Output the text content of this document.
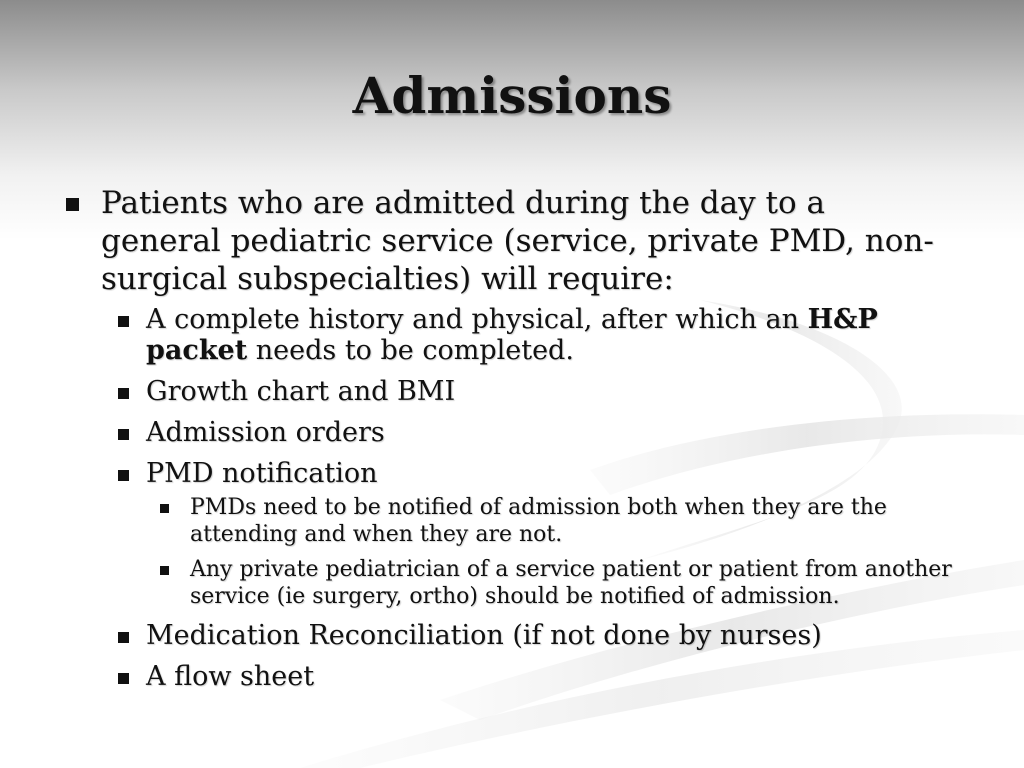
Admissions
Patients who are admitted during the day to a general pediatric service (service, private PMD, non-surgical subspecialties) will require:
A complete history and physical, after which an H&P packet needs to be completed.
Growth chart and BMI
Admission orders
PMD notification
PMDs need to be notified of admission both when they are the attending and when they are not.
Any private pediatrician of a service patient or patient from another service (ie surgery, ortho) should be notified of admission.
Medication Reconciliation (if not done by nurses)
A flow sheet
